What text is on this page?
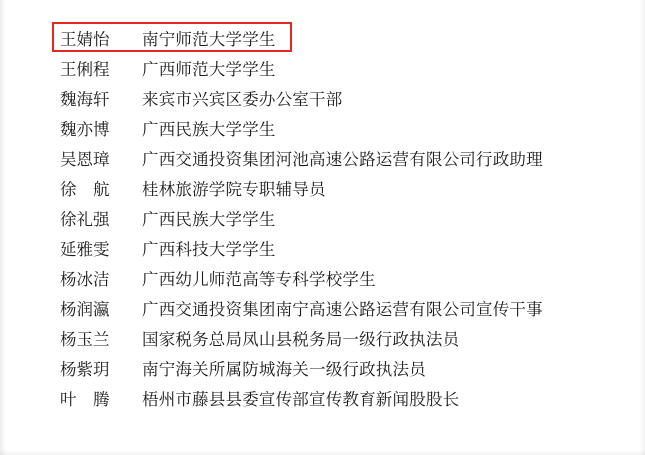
王婧怡	南宁师范大学学生
王俐程	广西师范大学学生
魏海轩	来宾市兴宾区委办公室干部
魏亦博	广西民族大学学生
吴恩璋	广西交通投资集团河池高速公路运营有限公司行政助理
徐　航	桂林旅游学院专职辅导员
徐礼强	广西民族大学学生
延雅雯	广西科技大学学生
杨冰洁	广西幼儿师范高等专科学校学生
杨润瀛	广西交通投资集团南宁高速公路运营有限公司宣传干事
杨玉兰	国家税务总局凤山县税务局一级行政执法员
杨紫玥	南宁海关所属防城海关一级行政执法员
叶　腾	梧州市藤县县委宣传部宣传教育新闻股股长
